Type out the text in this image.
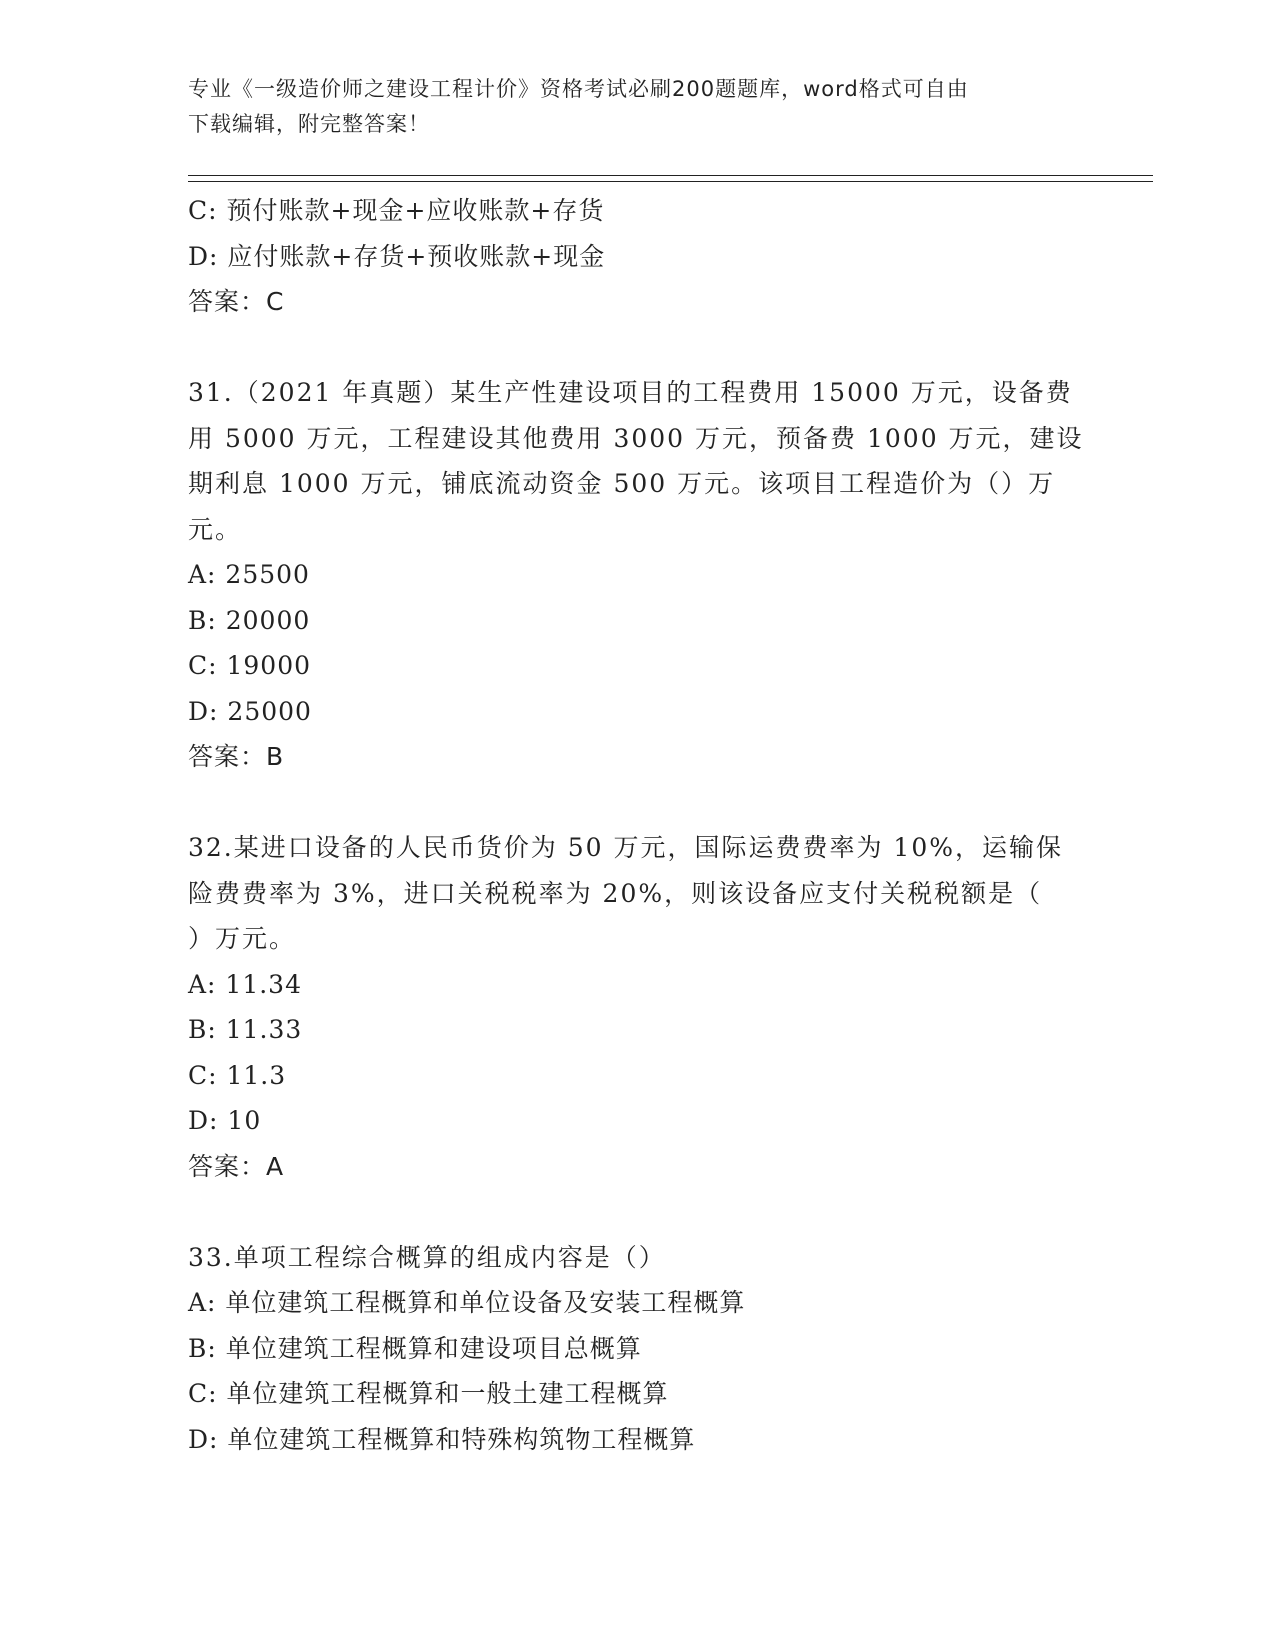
专业《一级造价师之建设工程计价》资格考试必刷200题题库，word格式可自由
下载编辑，附完整答案！
C: 预付账款+现金+应收账款+存货
D: 应付账款+存货+预收账款+现金
答案：C
31.（2021 年真题）某生产性建设项目的工程费用 15000 万元，设备费
用 5000 万元，工程建设其他费用 3000 万元，预备费 1000 万元，建设
期利息 1000 万元，铺底流动资金 500 万元。该项目工程造价为（）万
元。
A: 25500
B: 20000
C: 19000
D: 25000
答案：B
32.某进口设备的人民币货价为 50 万元，国际运费费率为 10%，运输保
险费费率为 3%，进口关税税率为 20%，则该设备应支付关税税额是（
）万元。
A: 11.34
B: 11.33
C: 11.3
D: 10
答案：A
33.单项工程综合概算的组成内容是（）
A: 单位建筑工程概算和单位设备及安装工程概算
B: 单位建筑工程概算和建设项目总概算
C: 单位建筑工程概算和一般土建工程概算
D: 单位建筑工程概算和特殊构筑物工程概算
